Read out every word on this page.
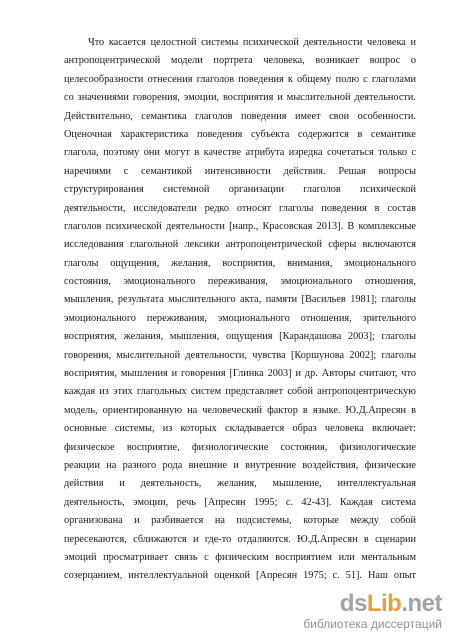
Что касается целостной системы психической деятельности человека и
антропоцентрической модели портрета человека, возникает вопрос о
целесообразности отнесения глаголов поведения к общему полю с глаголами
со значениями говорения, эмоции, восприятия и мыслительной деятельности.
Действительно, семантика глаголов поведения имеет свои особенности.
Оценочная характеристика поведения субъекта содержится в семантике
глагола, поэтому они могут в качестве атрибута изредка сочетаться только с
наречиями с семантикой интенсивности действия. Решая вопросы
структурирования системной организации глаголов психической
деятельности, исследователи редко относят глаголы поведения в состав
глаголов психической деятельности [напр., Красовская 2013]. В комплексные
исследования глагольной лексики антропоцентрической сферы включаются
глаголы ощущения, желания, восприятия, внимания, эмоционального
состояния, эмоционального переживания, эмоционального отношения,
мышления, результата мыслительного акта, памяти [Васильев 1981]; глаголы
эмоционального переживания, эмоционального отношения, зрительного
восприятия, желания, мышления, ощущения [Карандашова 2003]; глаголы
говорения, мыслительной деятельности, чувства [Коршунова 2002]; глаголы
восприятия, мышления и говорения [Глинка 2003] и др. Авторы считают, что
каждая из этих глагольных систем представляет собой антропоцентрическую
модель, ориентированную на человеческий фактор в языке. Ю.Д.Апресян в
основные системы, из которых складывается образ человека включает:
физическое восприятие, физиологические состояния, физиологические
реакции на разного рода внешние и внутренние воздействия, физические
действия и деятельность, желания, мышление, интеллектуальная
деятельность, эмоции, речь [Апресян 1995; с. 42-43]. Каждая система
организована и разбивается на подсистемы, которые между собой
пересекаются, сближаются и где-то отдаляются. Ю.Д.Апресян в сценарии
эмоций просматривает связь с физическим восприятием или ментальным
созерцанием, интеллектуальной оценкой [Апресян 1975; с. 51]. Наш опыт
dsLib.net
библиотека диссертаций
